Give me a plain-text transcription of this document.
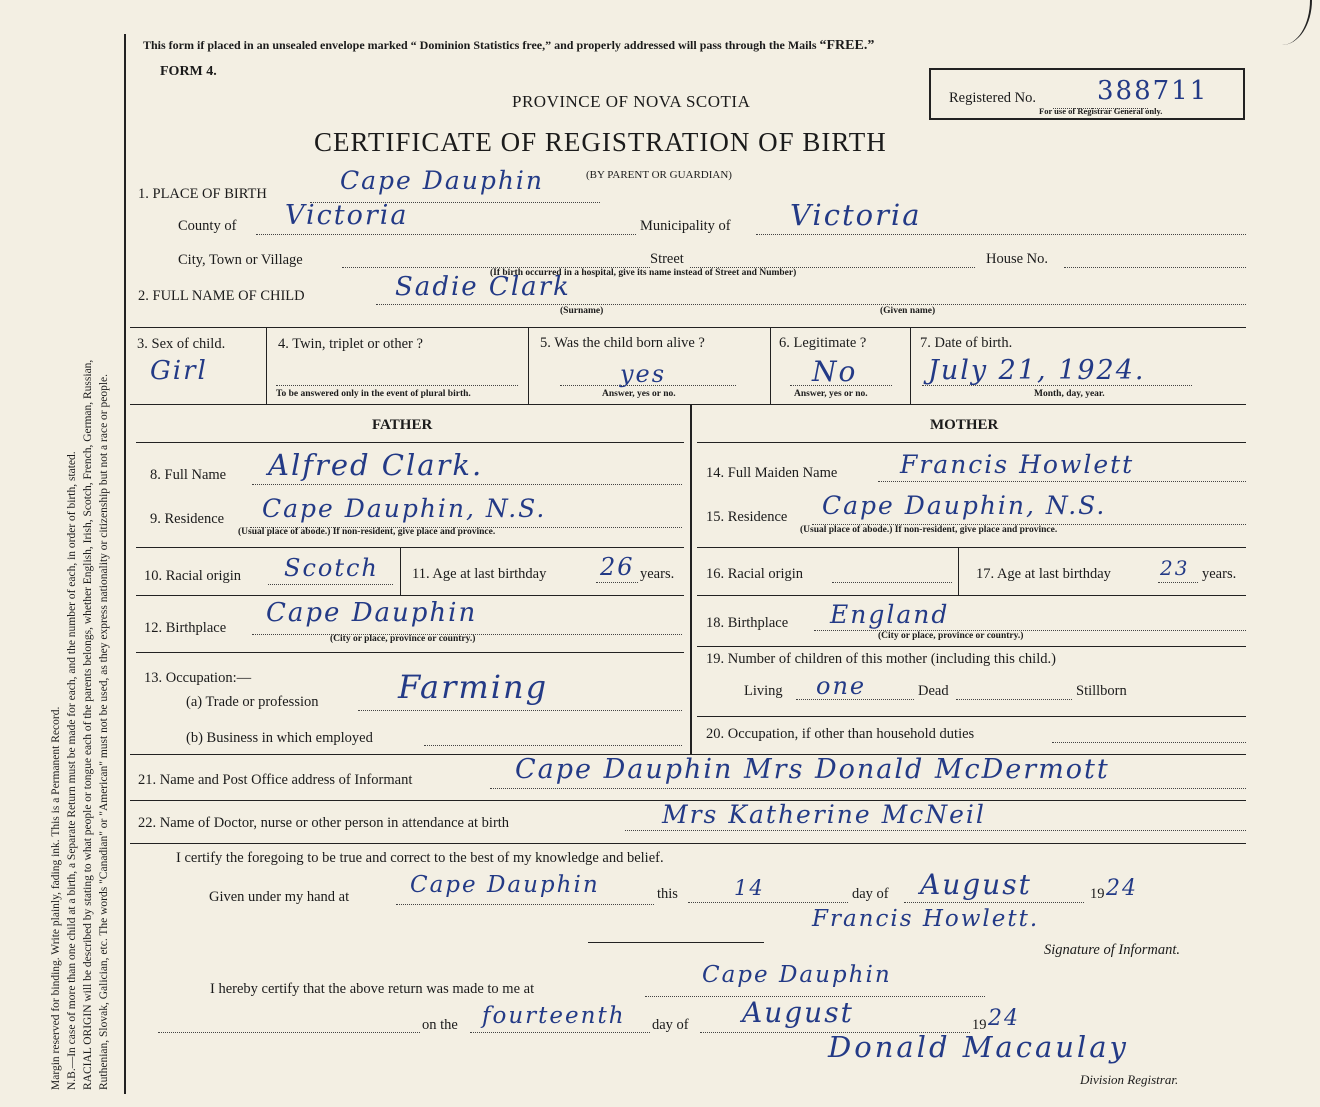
Margin reserved for binding. Write plainly, fading ink. This is a Permanent Record. N.B.—In case of more than one child at a birth, a Separate Return must be made for each, and the number of each, in order of birth, stated. RACIAL ORIGIN will be described by stating to what people or tongue each of the parents belongs, whether English, Irish, Scotch, French, German, Russian, Ruthenian, Slovak, Galician, etc. The words "Canadian" or "American" must not be used, as they express nationality or citizenship but not a race or people.
This form if placed in an unsealed envelope marked “ Dominion Statistics free,” and properly addressed will pass through the Mails “FREE.”
FORM 4.
PROVINCE OF NOVA SCOTIA	Registered No. 388711
For use of Registrar General only.
CERTIFICATE OF REGISTRATION OF BIRTH
(BY PARENT OR GUARDIAN)
1. PLACE OF BIRTH	Cape Dauphin
County of Victoria	Municipality of Victoria
City, Town or Village	Street	House No.
(If birth occurred in a hospital, give its name instead of Street and Number)
2. FULL NAME OF CHILD	Sadie Clark
(Surname)	(Given name)
3. Sex of child.
Girl
4. Twin, triplet or other ?
To be answered only in the event of plural birth.
5. Was the child born alive ?
yes
Answer, yes or no.
6. Legitimate ?
No
Answer, yes or no.
7. Date of birth.
July 21, 1924.
Month, day, year.
FATHER	MOTHER
8. Full Name Alfred Clark.
9. Residence Cape Dauphin, N.S.
(Usual place of abode.) If non-resident, give place and province.
10. Racial origin Scotch 11. Age at last birthday 26 years.
12. Birthplace Cape Dauphin
(City or place, province or country.)
13. Occupation:—
(a) Trade or profession Farming
(b) Business in which employed
14. Full Maiden Name	Francis Howlett
15. Residence Cape Dauphin, N.S.
(Usual place of abode.) If non-resident, give place and province.
16. Racial origin	17. Age at last birthday 23 years.
18. Birthplace England
(City or place, province or country.)
19. Number of children of this mother (including this child.)
Living one	Dead	Stillborn
20. Occupation, if other than household duties
21. Name and Post Office address of Informant	Cape Dauphin Mrs Donald McDermott
22. Name of Doctor, nurse or other person in attendance at birth	Mrs Katherine McNeil
I certify the foregoing to be true and correct to the best of my knowledge and belief.
Given under my hand at	Cape Dauphin	this	14	day of August	19 24
Francis Howlett.
Signature of Informant.
I hereby certify that the above return was made to me at
Cape Dauphin
on the fourteenth day of August	19 24
Donald Macaulay
Division Registrar.
